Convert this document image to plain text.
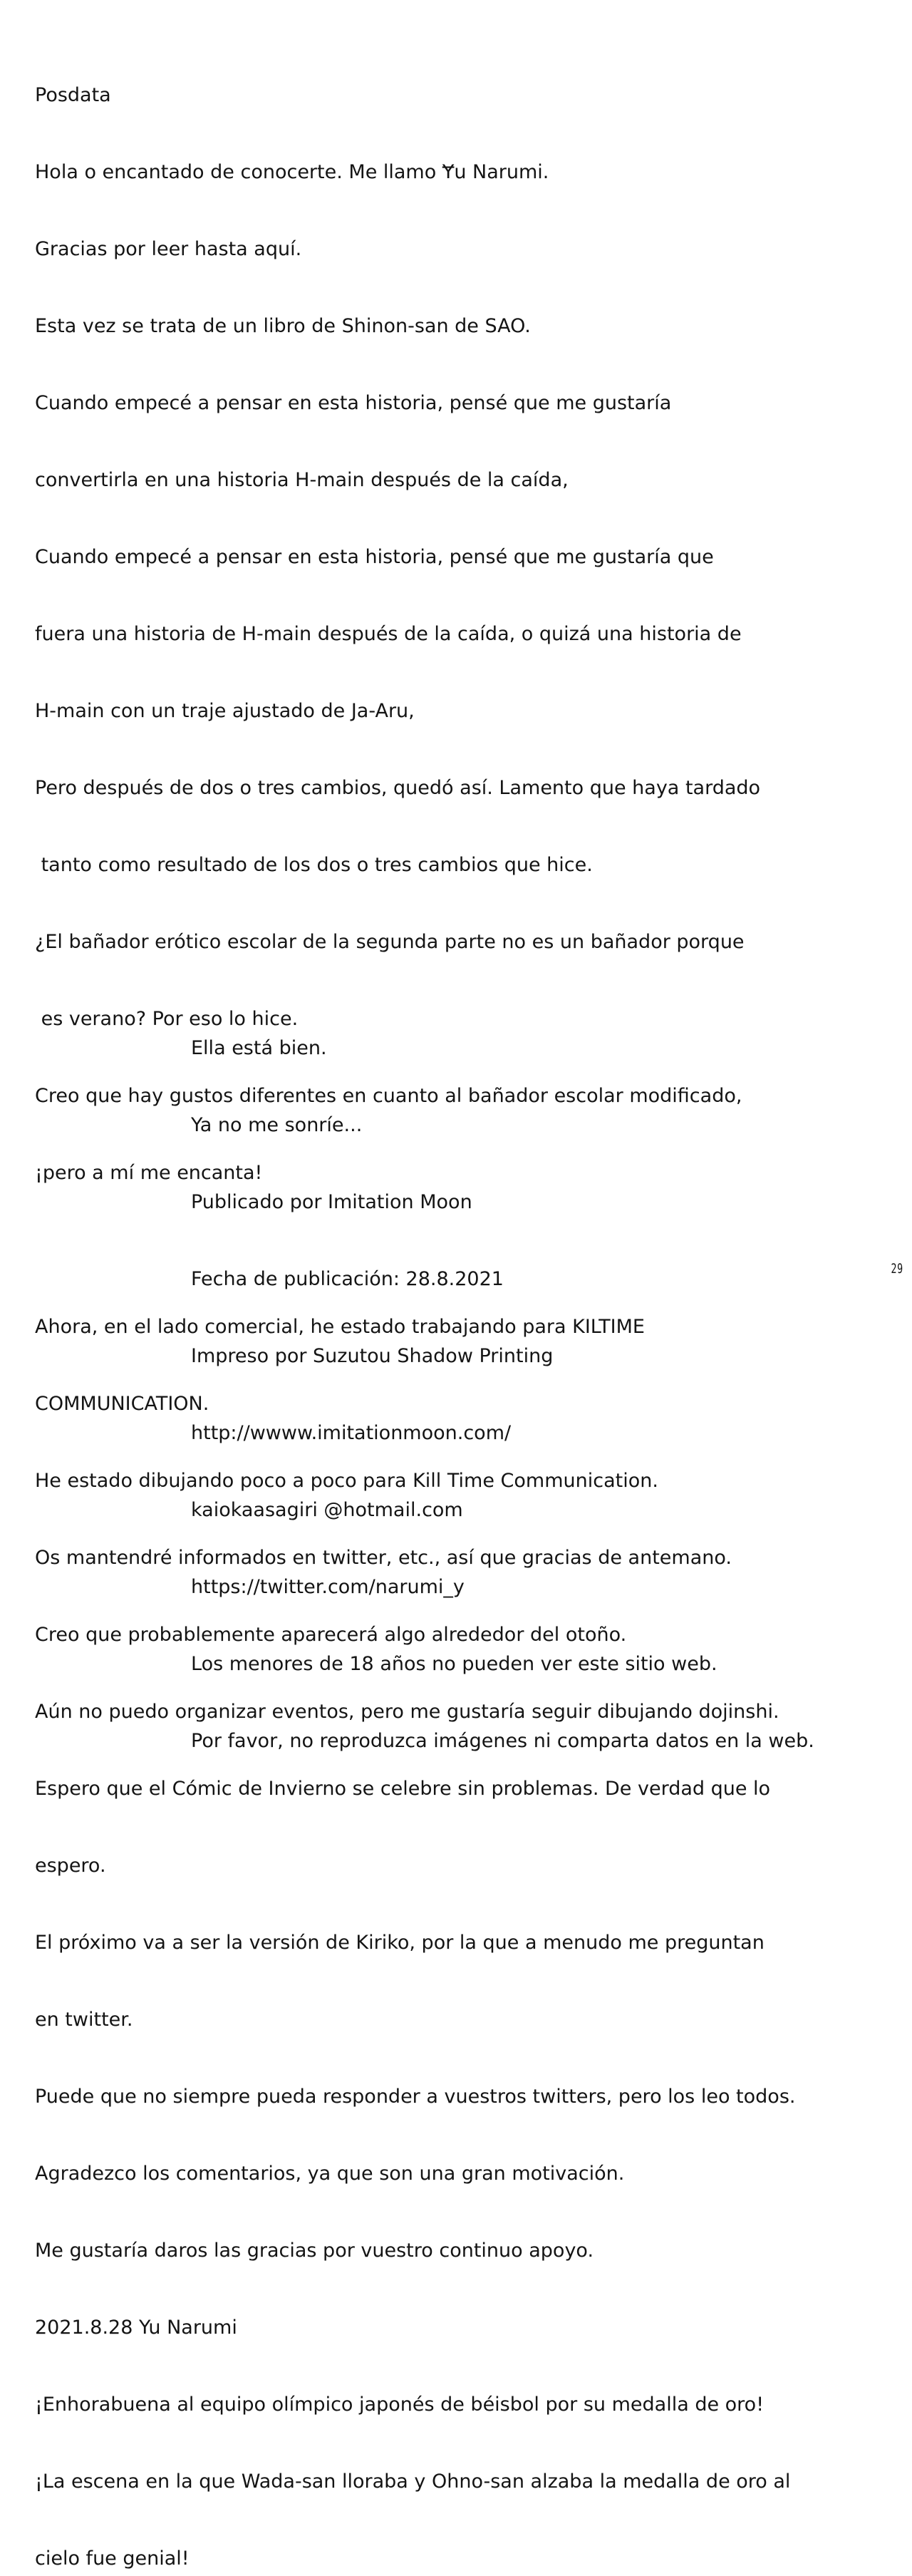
Posdata

Hola o encantado de conocerte. Me llamo Ɏu Narumi.

Gracias por leer hasta aquí.

Esta vez se trata de un libro de Shinon-san de SAO.

Cuando empecé a pensar en esta historia, pensé que me gustaría

convertirla en una historia H-main después de la caída,

Cuando empecé a pensar en esta historia, pensé que me gustaría que

fuera una historia de H-main después de la caída, o quizá una historia de

H-main con un traje ajustado de Ja-Aru,

Pero después de dos o tres cambios, quedó así. Lamento que haya tardado

tanto como resultado de los dos o tres cambios que hice.

¿El bañador erótico escolar de la segunda parte no es un bañador porque

es verano? Por eso lo hice.

Creo que hay gustos diferentes en cuanto al bañador escolar modificado,

¡pero a mí me encanta!

Ahora, en el lado comercial, he estado trabajando para KILTIME

COMMUNICATION.

He estado dibujando poco a poco para Kill Time Communication.

Os mantendré informados en twitter, etc., así que gracias de antemano.

Creo que probablemente aparecerá algo alrededor del otoño.

Aún no puedo organizar eventos, pero me gustaría seguir dibujando dojinshi.

Espero que el Cómic de Invierno se celebre sin problemas. De verdad que lo

espero.

El próximo va a ser la versión de Kiriko, por la que a menudo me preguntan

en twitter.

Puede que no siempre pueda responder a vuestros twitters, pero los leo todos.

Agradezco los comentarios, ya que son una gran motivación.

Me gustaría daros las gracias por vuestro continuo apoyo.

2021.8.28 Yu Narumi

¡Enhorabuena al equipo olímpico japonés de béisbol por su medalla de oro!

¡La escena en la que Wada-san lloraba y Ohno-san alzaba la medalla de oro al

cielo fue genial!

Ella está bien.

Ya no me sonríe...

Publicado por Imitation Moon

Fecha de publicación: 28.8.2021

Impreso por Suzutou Shadow Printing

http://wwww.imitationmoon.com/

kaiokaasagiri @hotmail.com

https://twitter.com/narumi_y

Los menores de 18 años no pueden ver este sitio web.

Por favor, no reproduzca imágenes ni comparta datos en la web.

29
